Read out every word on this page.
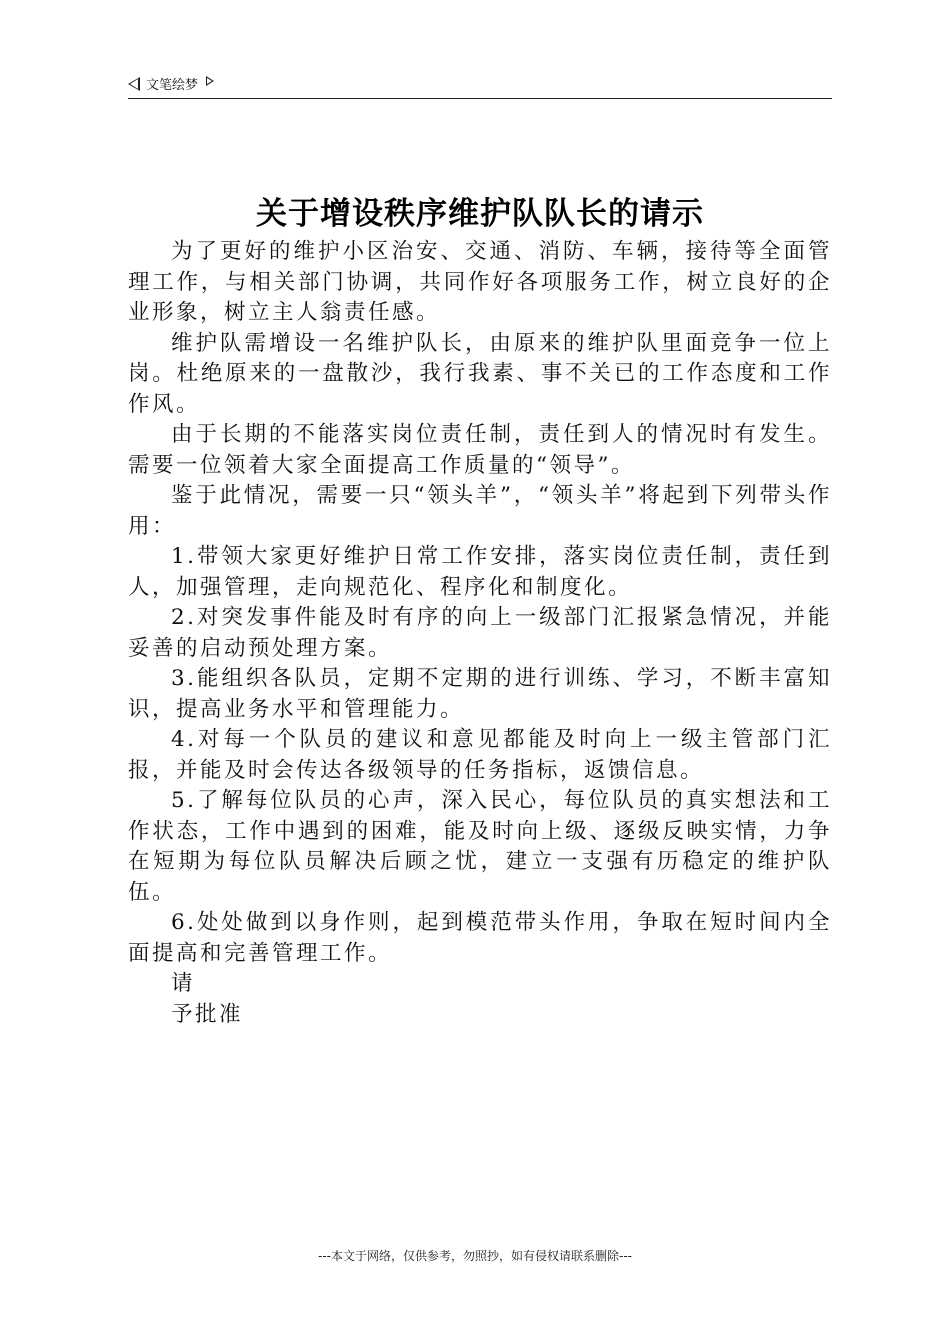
文笔绘梦
关于增设秩序维护队队长的请示

为了更好的维护小区治安、交通、消防、车辆，接待等全面管理工作，与相关部门协调，共同作好各项服务工作，树立良好的企业形象，树立主人翁责任感。

维护队需增设一名维护队长，由原来的维护队里面竞争一位上岗。杜绝原来的一盘散沙，我行我素、事不关已的工作态度和工作作风。

由于长期的不能落实岗位责任制，责任到人的情况时有发生。需要一位领着大家全面提高工作质量的“领导”。

鉴于此情况，需要一只“领头羊”，“领头羊”将起到下列带头作用：

1.带领大家更好维护日常工作安排，落实岗位责任制，责任到人，加强管理，走向规范化、程序化和制度化。

2.对突发事件能及时有序的向上一级部门汇报紧急情况，并能妥善的启动预处理方案。

3.能组织各队员，定期不定期的进行训练、学习，不断丰富知识，提高业务水平和管理能力。

4.对每一个队员的建议和意见都能及时向上一级主管部门汇报，并能及时会传达各级领导的任务指标，返馈信息。

5.了解每位队员的心声，深入民心，每位队员的真实想法和工作状态，工作中遇到的困难，能及时向上级、逐级反映实情，力争在短期为每位队员解决后顾之忧，建立一支强有历稳定的维护队伍。

6.处处做到以身作则，起到模范带头作用，争取在短时间内全面提高和完善管理工作。

请

予批准

---本文于网络，仅供参考，勿照抄，如有侵权请联系删除---
